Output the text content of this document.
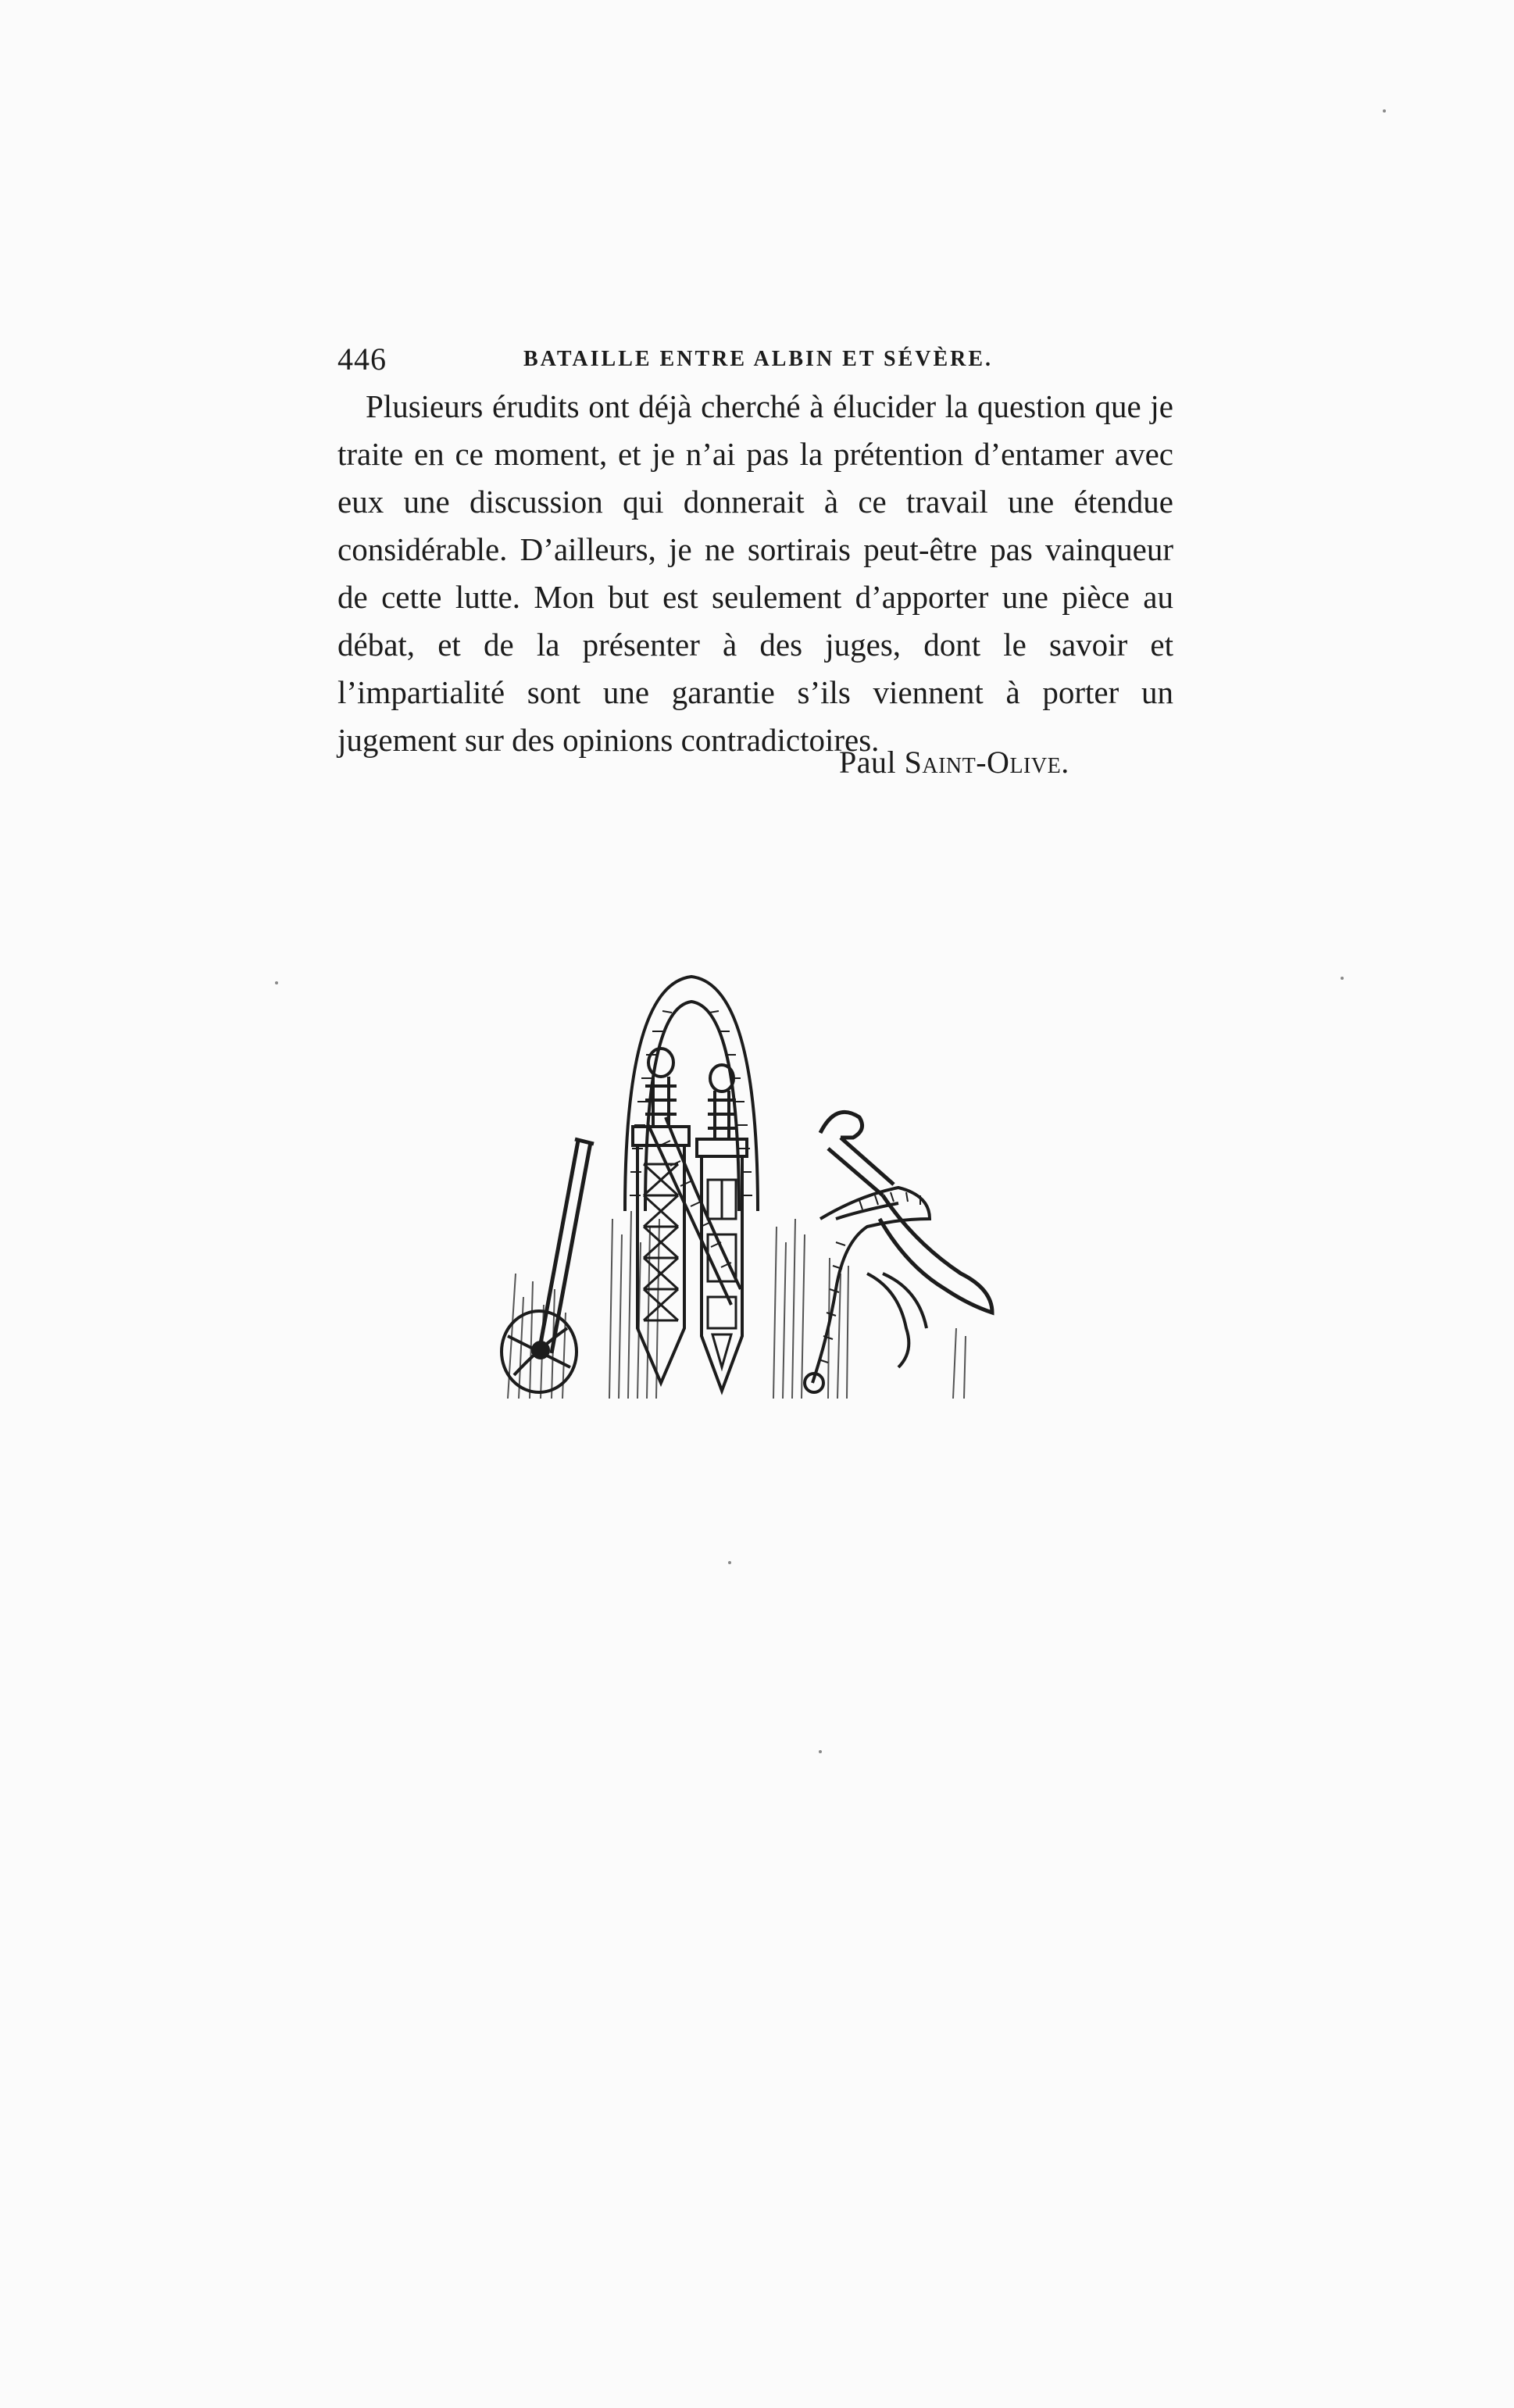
446	BATAILLE ENTRE ALBIN ET SÉVÈRE.

Plusieurs érudits ont déjà cherché à élucider la question que je traite en ce moment, et je n’ai pas la prétention d’entamer avec eux une discussion qui donnerait à ce travail une étendue considérable. D’ailleurs, je ne sortirais peut-être pas vainqueur de cette lutte. Mon but est seulement d’apporter une pièce au débat, et de la présenter à des juges, dont le savoir et l’impartialité sont une garantie s’ils viennent à porter un jugement sur des opinions contradictoires.

Paul Saint-Olive.
